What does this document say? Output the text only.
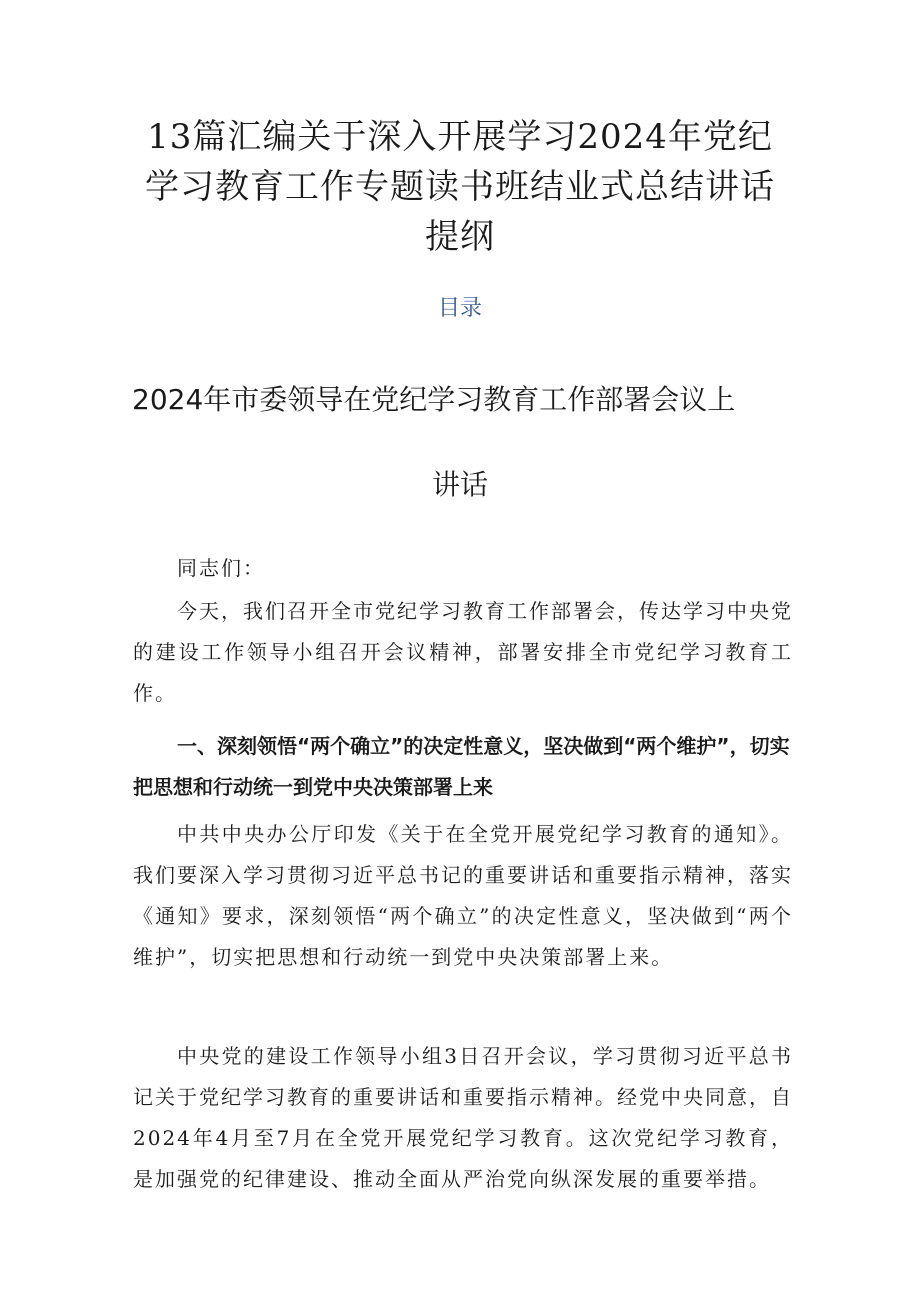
13篇汇编关于深入开展学习2024年党纪学习教育工作专题读书班结业式总结讲话提纲
目录
2024年市委领导在党纪学习教育工作部署会议上
讲话

同志们：

今天，我们召开全市党纪学习教育工作部署会，传达学习中央党的建设工作领导小组召开会议精神，部署安排全市党纪学习教育工作。

一、深刻领悟“两个确立”的决定性意义，坚决做到“两个维护”，切实把思想和行动统一到党中央决策部署上来

中共中央办公厅印发《关于在全党开展党纪学习教育的通知》。我们要深入学习贯彻习近平总书记的重要讲话和重要指示精神，落实《通知》要求，深刻领悟“两个确立”的决定性意义，坚决做到“两个维护”，切实把思想和行动统一到党中央决策部署上来。

中央党的建设工作领导小组3日召开会议，学习贯彻习近平总书记关于党纪学习教育的重要讲话和重要指示精神。经党中央同意，自2024年4月至7月在全党开展党纪学习教育。这次党纪学习教育，是加强党的纪律建设、推动全面从严治党向纵深发展的重要举措。
